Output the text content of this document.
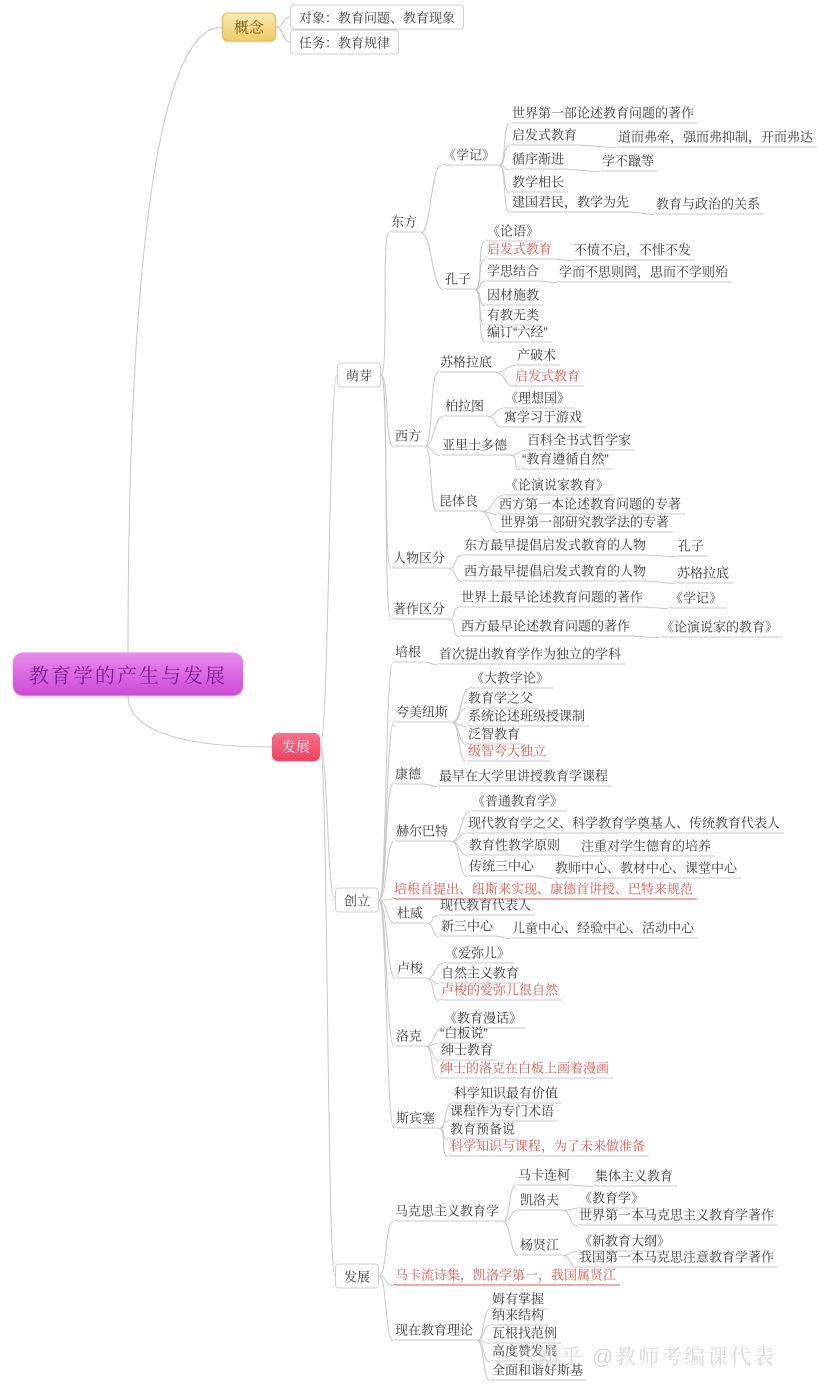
知乎 @教师考编课代表
教育学的产生与发展
概念
对象：教育问题、教育现象
任务：教育规律
发展
萌芽
创立
发展
东方
《学记》
世界第一部论述教育问题的著作
启发式教育	道而弗牵，强而弗抑制，开而弗达
循序渐进	学不躐等
教学相长
建国君民，教学为先	教育与政治的关系
孔子
《论语》
启发式教育	不愤不启，不悱不发
学思结合	学而不思则罔，思而不学则殆
因材施教
有教无类
编订“六经”
西方
苏格拉底	产破术
启发式教育
柏拉图
《理想国》
寓学习于游戏
亚里士多德	百科全书式哲学家
“教育遵循自然”
昆体良
《论演说家教育》
西方第一本论述教育问题的专著
世界第一部研究教学法的专著
人物区分
东方最早提倡启发式教育的人物	孔子
西方最早提倡启发式教育的人物	苏格拉底
著作区分
世界上最早论述教育问题的著作	《学记》
西方最早论述教育问题的著作	《论演说家的教育》
培根	首次提出教育学作为独立的学科
夸美纽斯
《大教学论》
教育学之父
系统论述班级授课制
泛智教育
级智夸大独立
康德	最早在大学里讲授教育学课程
赫尔巴特
《普通教育学》
现代教育学之父、科学教育学奠基人、传统教育代表人
教育性教学原则	注重对学生德育的培养
传统三中心	教师中心、教材中心、课堂中心
培根首提出、纽斯来实现、康德首讲授、巴特来规范
杜威
现代教育代表人
新三中心	儿童中心、经验中心、活动中心
卢梭
《爱弥儿》
自然主义教育
卢梭的爱弥儿很自然
洛克
《教育漫话》
“白板说”
绅士教育
绅士的洛克在白板上画着漫画
斯宾塞
科学知识最有价值
课程作为专门术语
教育预备说
科学知识与课程，为了未来做准备
马克思主义教育学
马卡连柯	集体主义教育
凯洛夫	《教育学》
世界第一本马克思主义教育学著作
杨贤江	《新教育大纲》
我国第一本马克思注意教育学著作
马卡流诗集，凯洛学第一，我国属贤江
现在教育理论
姆有掌握
纳来结构
瓦根找范例
高度赞发展
全面和谐好斯基
